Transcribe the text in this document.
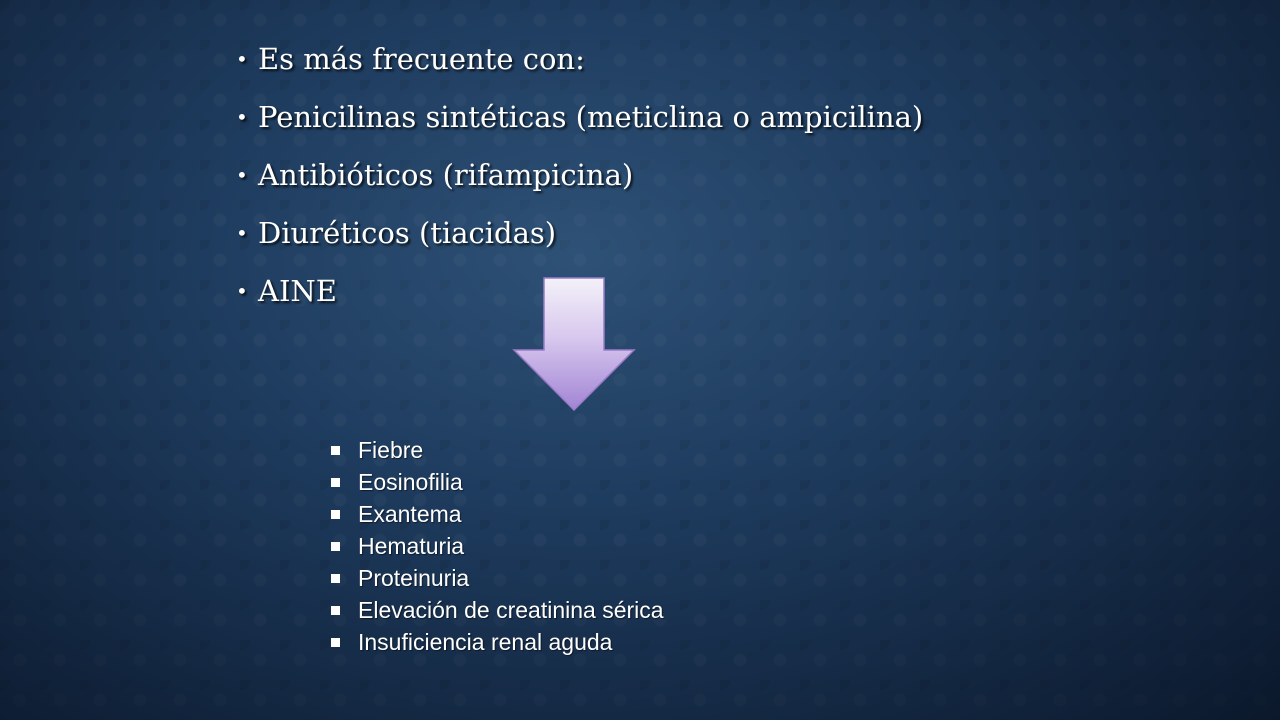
• Es más frecuente con:
• Penicilinas sintéticas (meticlina o ampicilina)
• Antibióticos (rifampicina)
• Diuréticos (tiacidas)
• AINE
Fiebre
Eosinofilia
Exantema
Hematuria
Proteinuria
Elevación de creatinina sérica
Insuficiencia renal aguda
